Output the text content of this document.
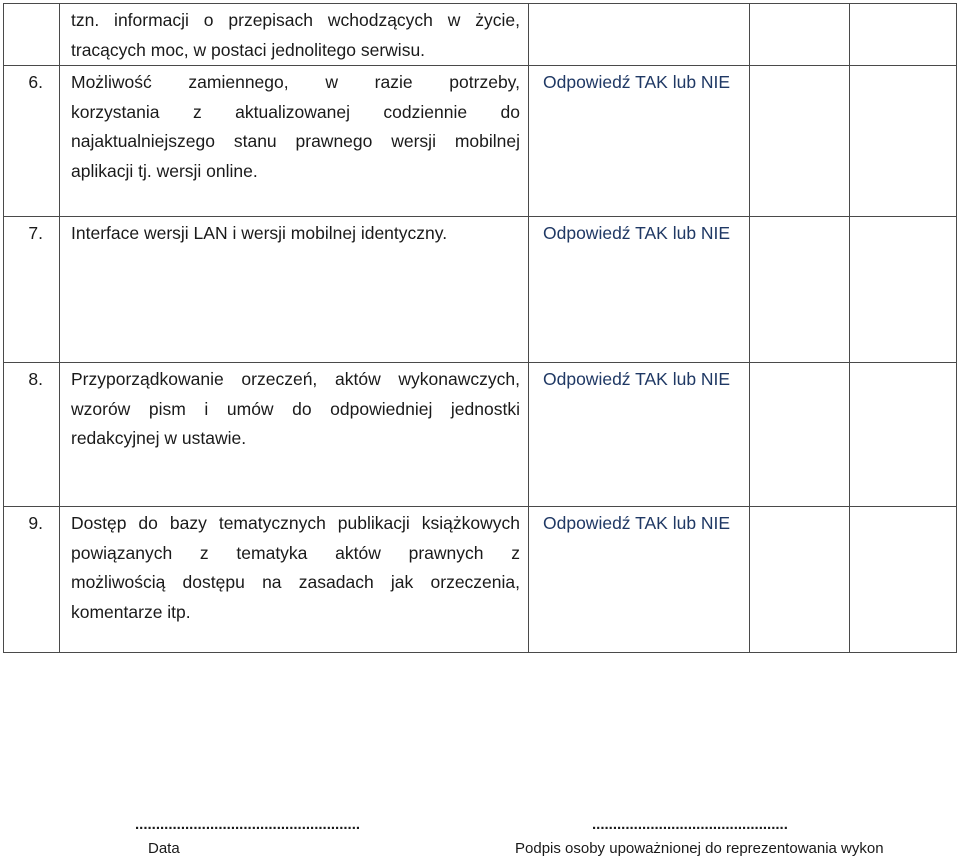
	tzn. informacji o przepisach wchodzących w życie,
tracących moc, w postaci jednolitego serwisu.			

6.	Możliwość zamiennego, w razie potrzeby,
korzystania z aktualizowanej codziennie do
najaktualniejszego stanu prawnego wersji mobilnej
aplikacji tj. wersji online.	Odpowiedź TAK lub NIE		
7.	Interface wersji LAN i wersji mobilnej identyczny.	Odpowiedź TAK lub NIE		
8.	Przyporządkowanie orzeczeń, aktów wykonawczych,
wzorów pism i umów do odpowiedniej jednostki
redakcyjnej w ustawie.	Odpowiedź TAK lub NIE		
9.	Dostęp do bazy tematycznych publikacji książkowych
powiązanych z tematyka aktów prawnych z
możliwością dostępu na zasadach jak orzeczenia,
komentarze itp.	Odpowiedź TAK lub NIE		
......................................................
Data
...............................................
Podpis osoby upoważnionej do reprezentowania wykon
